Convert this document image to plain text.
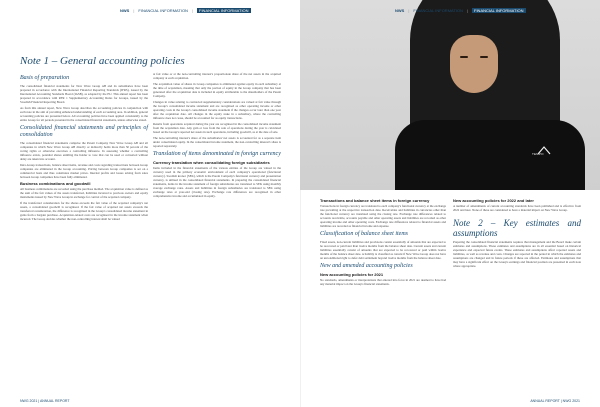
NWS | FINANCIAL INFORMATION |	FINANCIAL INFORMATION
Note 1 – General accounting policies
Basis of preparation
The consolidated financial statements for New Wave Group AB and its subsidiaries have been prepared in accordance with the International Financial Reporting Standards (IFRS), issued by the International Accounting Standards Board (IASB), as adopted by the EU. This annual report has been prepared in accordance with RFR 1 Supplementary Accounting Rules for Groups, issued by the Swedish Financial Reporting Board.
As from this annual report, New Wave Group describes the accounting policies in conjunction with each note in the aim of providing enhanced understanding of each accounting area. In addition, general accounting policies are presented below. All accounting policies have been applied consistently to the entire Group for all periods presented in the consolidated financial statements, unless otherwise stated.
Consolidated financial statements and principles of consolidation
The consolidated financial statements comprise the Parent Company New Wave Group AB and all companies in which New Wave Group AB directly or indirectly holds more than 50 percent of the voting rights or otherwise exercises a controlling influence. In assessing whether a controlling influence exists, potential shares entitling the holder to vote that can be used or converted without delay are taken into account.
Intra-Group transactions, balance sheet items, revenue and costs regarding transactions between Group companies are eliminated in the Group accounting. Pricing between Group companies is set on a commercial basis and thus constitutes market prices. Internal profits and losses arising from sales between Group companies have been fully eliminated.
Business combinations and goodwill
All business combinations are recorded using the purchase method. The acquisition value is defined as the sum of the fair values of the assets transferred, liabilities incurred to previous owners and equity instruments issued by New Wave Group in exchange for control of the acquired company.
If the transferred consideration for the shares exceeds the fair value of the acquired company's net assets, a consolidated goodwill is recognised. If the fair value of acquired net assets exceeds the transferred consideration, the difference is recognised in the Group's consolidated income statement in gains from a bargain purchase. Acquisition-related costs are recognised in the income statement when incurred. The Group decides whether the non-controlling interest shall be valued
at fair value or at the non-controlling interest's proportionate share of the net assets in the acquired company at each acquisition.
The acquisition value of shares in Group companies is eliminated against equity in each subsidiary at the time of acquisition, meaning that only the portion of equity in the Group company that has been generated after the acquisition date is included in equity attributable to the shareholders of the Parent Company.
Changes in value relating to contracted supplementary considerations are valued at fair value through the Group's consolidated income statement and are recognised as other operating income or other operating costs in the Group's consolidated income statement if the changes occur later than one year after the acquisition date. All changes in the equity stake in a subsidiary, where the controlling influence does not cease, should be accounted for as equity transactions.
Results from operations acquired during the year are recognised in the consolidated income statement from the acquisition date. Any gain or loss from the sale of operations during the year is calculated based on the Group's reported net assets in such operations, including goodwill, as at the date of sale.
The non-controlling interest's share of the subsidiaries' net assets is accounted for as a separate item under consolidated equity. In the consolidated income statement, the non-controlling interest's share is reported separately.
Translation of items denominated in foreign currency
Currency translation when consolidating foreign subsidiaries
Items included in the financial statements of the various entities of the Group are valued in the currency used in the primary economic environment of each company's operational (functional currency). Swedish kronor (SEK), which is the Parent Company's functional currency and presentation currency, is utilised in the consolidated financial statements. In preparing the consolidated financial statements, items in the income statement of foreign subsidiaries are translated to SEK using monthly average exchange rates. Assets and liabilities in foreign subsidiaries are translated to SEK using exchange rates at year-end (closing rate). Exchange rate differences are recognised in other comprehensive income and accumulated in equity.
NWG 2021 | ANNUAL REPORT
TEMPO
NWS | FINANCIAL INFORMATION |	FINANCIAL INFORMATION
Transactions and balance sheet items in foreign currency
Transactions in foreign currency are translated to each company's functional currency at the exchange rate prevailing at the respective transaction date. Receivables and liabilities in currencies other than the functional currency are translated using the closing rate. Exchange rate differences related to accounts receivable, accounts payable and other operating assets and liabilities are recorded as other operating income and other operating costs. Exchange rate differences related to financial assets and liabilities are recorded as financial income and expense.
Classification of balance sheet items
Fixed assets, non-current liabilities and provisions consist essentially of amounts that are expected to be recovered or paid later than twelve months from the balance sheet date. Current assets and current liabilities essentially consist of amounts that are expected to be recovered or paid within twelve months of the balance sheet date. A liability is classified as current if New Wave Group does not have an unconditional right to defer debt settlement beyond twelve months from the balance sheet date.
New and amended accounting policies
New accounting policies for 2021
No standards, amendments or interpretations that entered into force in 2021 are deemed to have had any material impact on the Group's financial statements.
New accounting policies for 2022 and later
A number of amendments of current accounting standards have been published and is effective from 2022 and later. None of these are considered to have a material impact on New Wave Group.
Note 2 – Key estimates and assumptions
Preparing the consolidated financial statements requires that management and the Board make certain estimates and assumptions. These estimates and assumptions are in all essential based on historical experience and expected future events. These estimates and assumptions affect reported assets and liabilities, as well as revenue and costs. Changes are reported in the period in which the estimates and assumptions are changed and in future periods if these are affected. Estimates and assumptions that may have a significant effect on the Group's earnings and financial position are presented in each note where appropriate.
ANNUAL REPORT | NWG 2021
